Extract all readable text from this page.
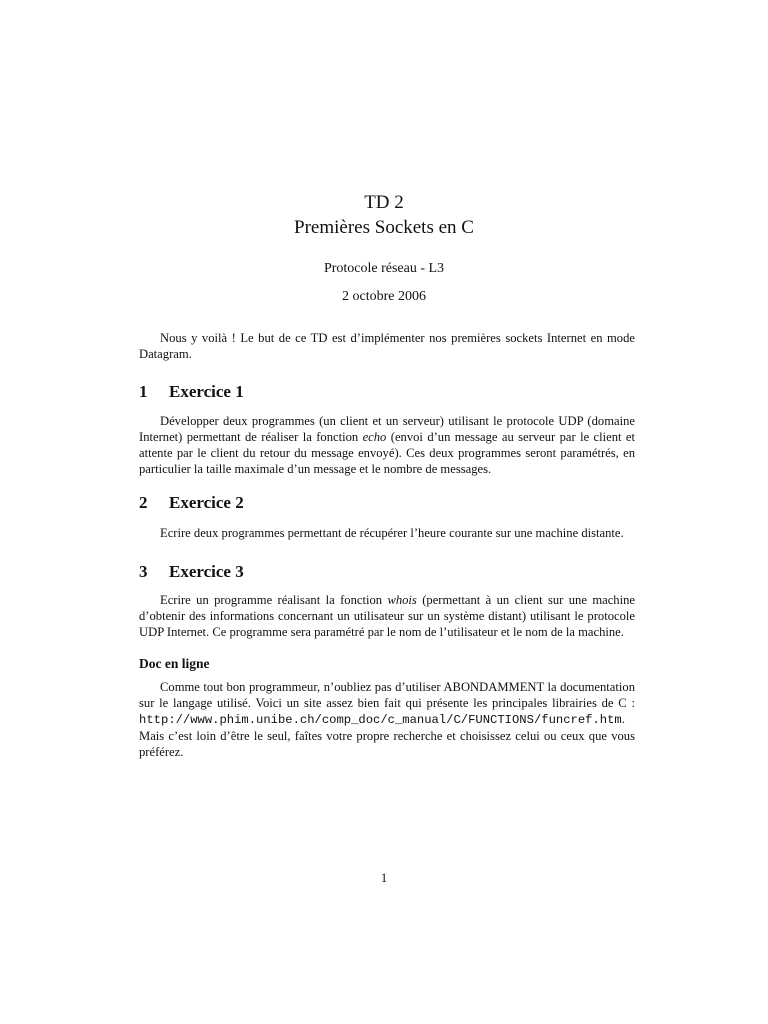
TD 2
Premières Sockets en C
Protocole réseau - L3
2 octobre 2006

Nous y voilà ! Le but de ce TD est d’implémenter nos premières sockets Internet en mode Datagram.

1 Exercice 1

Développer deux programmes (un client et un serveur) utilisant le protocole UDP (domaine Internet) permettant de réaliser la fonction echo (envoi d’un message au serveur par le client et attente par le client du retour du message envoyé). Ces deux programmes seront paramétrés, en particulier la taille maximale d’un message et le nombre de messages.

2 Exercice 2

Ecrire deux programmes permettant de récupérer l’heure courante sur une machine distante.

3 Exercice 3

Ecrire un programme réalisant la fonction whois (permettant à un client sur une machine d’obtenir des informations concernant un utilisateur sur un système distant) utilisant le protocole UDP Internet. Ce programme sera paramétré par le nom de l’utilisateur et le nom de la machine.

Doc en ligne

Comme tout bon programmeur, n’oubliez pas d’utiliser ABONDAMMENT la documentation sur le langage utilisé. Voici un site assez bien fait qui présente les principales librairies de C : http://www.phim.unibe.ch/comp_doc/c_manual/C/FUNCTIONS/funcref.htm. Mais c’est loin d’être le seul, faîtes votre propre recherche et choisissez celui ou ceux que vous préférez.

1
